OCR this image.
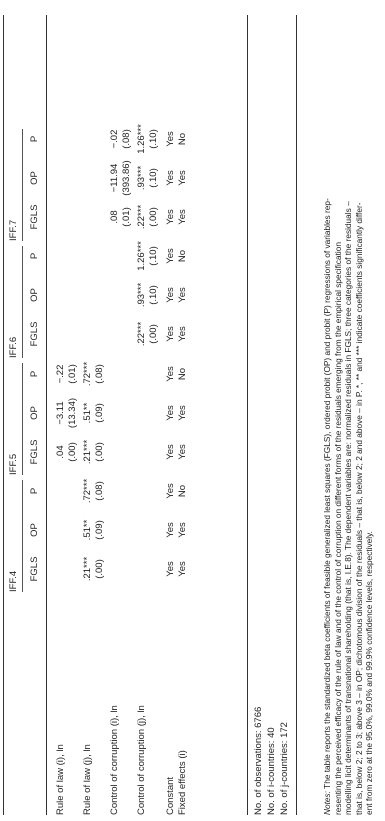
IFF.4
IFF.5
IFF.6
IFF.7
FGLS
OP
P
FGLS
OP
P
FGLS
OP
P
FGLS
OP
P
Rule of law (i), ln
.04
−3.11
−.22
(.00)
(13.34)
(.01)
Rule of law (j), ln
.21***
.51**
.72***
.21***
.51**
.72***
(.00)
(.09)
(.08)
(.00)
(.09)
(.08)
Control of corruption (i), ln
.08
−11.94
−.02
(.01)
(393.86)
(.08)
Control of corruption (j), ln
.22***
.93***
1.26***
.22***
.93***
1.26***
(.00)
(.10)
(.10)
(.00)
(.10)
(.10)
Constant
Yes
Yes
Yes
Yes
Yes
Yes
Yes
Yes
Yes
Yes
Yes
Yes
Fixed effects (i)
Yes
Yes
No
Yes
Yes
No
Yes
Yes
No
Yes
Yes
No
No. of observations: 6766 No. of i-countries: 40 No. of j-countries: 172	Notes: The table reports the standardized beta coefficients of feasible generalized least squares (FGLS), ordered probit (OP) and probit (P) regressions of variables rep- resenting the perceived efficacy of the rule of law and of the control of corruption on different forms of the residuals emerging from the empirical specification modelling licit determinants of transnational shareholding (that is, I.E.8). The dependent variables are: normalized residuals in FGLS; three categories of the residuals – that is, below 2; 2 to 3; above 3 – in OP; dichotomous division of the residuals – that is, below 2; 2 and above – in P. *, ** and *** indicate coefficients significantly differ- ent from zero at the 95.0%, 99.0% and 99.9% confidence levels, respectively.
